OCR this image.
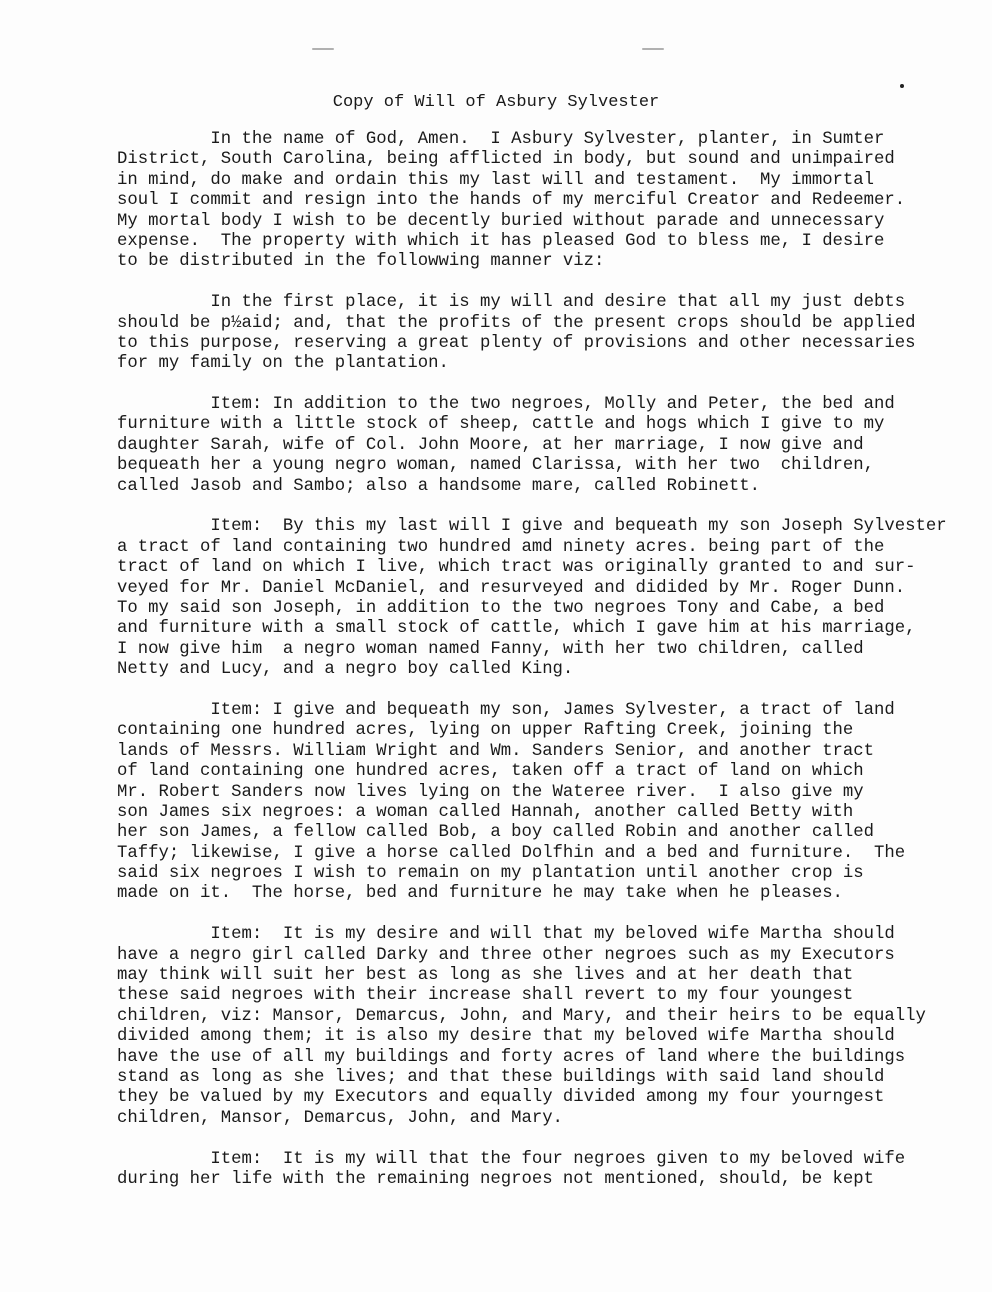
Copy of Will of Asbury Sylvester
In the name of God, Amen.  I Asbury Sylvester, planter, in Sumter
District, South Carolina, being afflicted in body, but sound and unimpaired
in mind, do make and ordain this my last will and testament.  My immortal
soul I commit and resign into the hands of my merciful Creator and Redeemer.
My mortal body I wish to be decently buried without parade and unnecessary
expense.  The property with which it has pleased God to bless me, I desire
to be distributed in the followwing manner viz:
In the first place, it is my will and desire that all my just debts
should be p½aid; and, that the profits of the present crops should be applied
to this purpose, reserving a great plenty of provisions and other necessaries
for my family on the plantation.
Item: In addition to the two negroes, Molly and Peter, the bed and
furniture with a little stock of sheep, cattle and hogs which I give to my
daughter Sarah, wife of Col. John Moore, at her marriage, I now give and
bequeath her a young negro woman, named Clarissa, with her two  children,
called Jasob and Sambo; also a handsome mare, called Robinett.
Item:  By this my last will I give and bequeath my son Joseph Sylvester
a tract of land containing two hundred amd ninety acres. being part of the
tract of land on which I live, which tract was originally granted to and sur-
veyed for Mr. Daniel McDaniel, and resurveyed and didided by Mr. Roger Dunn.
To my said son Joseph, in addition to the two negroes Tony and Cabe, a bed
and furniture with a small stock of cattle, which I gave him at his marriage,
I now give him  a negro woman named Fanny, with her two children, called
Netty and Lucy, and a negro boy called King.
Item: I give and bequeath my son, James Sylvester, a tract of land
containing one hundred acres, lying on upper Rafting Creek, joining the
lands of Messrs. William Wright and Wm. Sanders Senior, and another tract
of land containing one hundred acres, taken off a tract of land on which
Mr. Robert Sanders now lives lying on the Wateree river.  I also give my
son James six negroes: a woman called Hannah, another called Betty with
her son James, a fellow called Bob, a boy called Robin and another called
Taffy; likewise, I give a horse called Dolfhin and a bed and furniture.  The
said six negroes I wish to remain on my plantation until another crop is
made on it.  The horse, bed and furniture he may take when he pleases.
Item:  It is my desire and will that my beloved wife Martha should
have a negro girl called Darky and three other negroes such as my Executors
may think will suit her best as long as she lives and at her death that
these said negroes with their increase shall revert to my four youngest
children, viz: Mansor, Demarcus, John, and Mary, and their heirs to be equally
divided among them; it is also my desire that my beloved wife Martha should
have the use of all my buildings and forty acres of land where the buildings
stand as long as she lives; and that these buildings with said land should
they be valued by my Executors and equally divided among my four yourngest
children, Mansor, Demarcus, John, and Mary.
Item:  It is my will that the four negroes given to my beloved wife
during her life with the remaining negroes not mentioned, should, be kept
